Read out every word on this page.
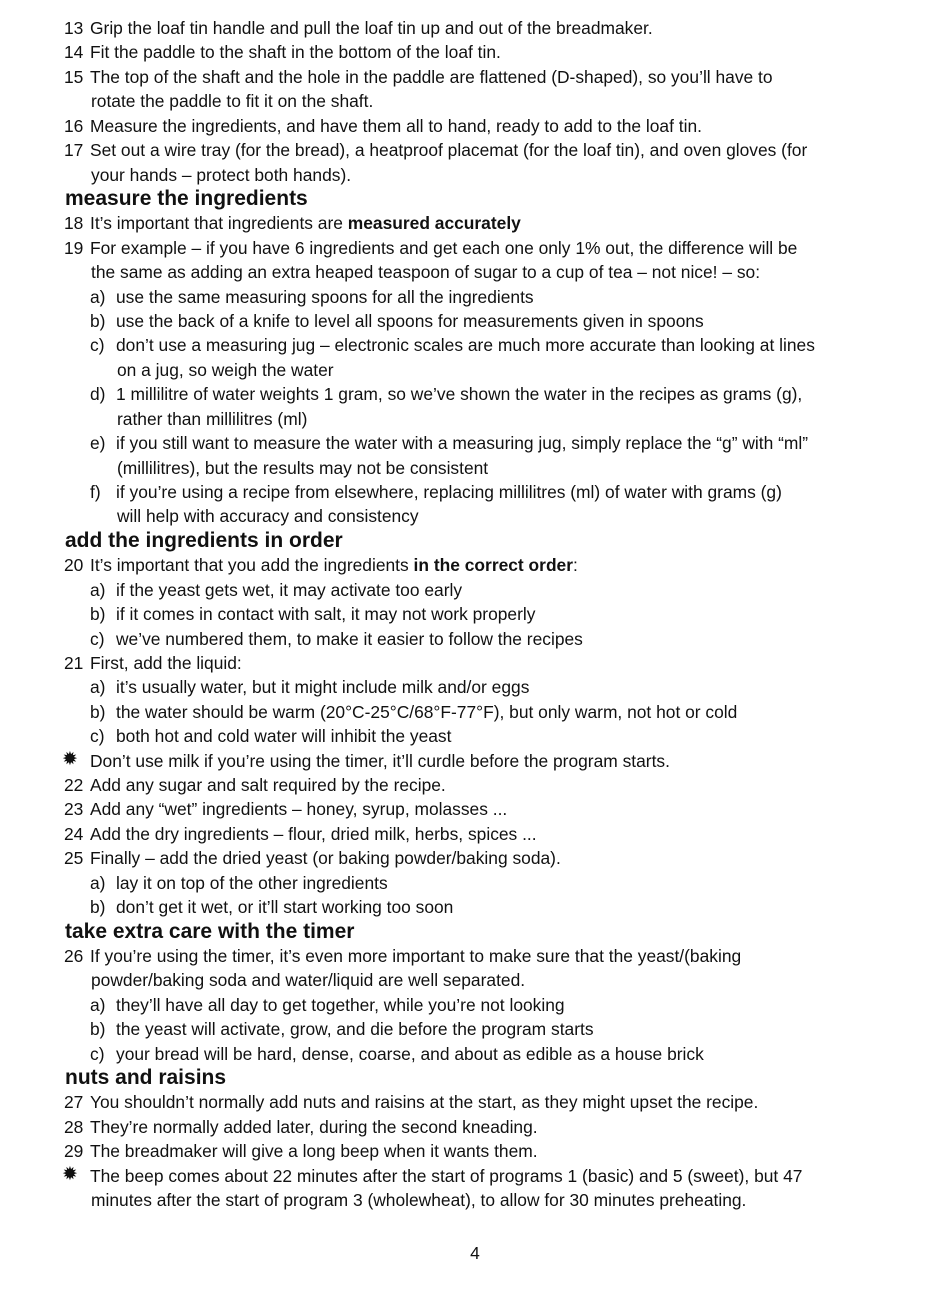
13 Grip the loaf tin handle and pull the loaf tin up and out of the breadmaker.
14 Fit the paddle to the shaft in the bottom of the loaf tin.
15 The top of the shaft and the hole in the paddle are flattened (D-shaped), so you’ll have to
rotate the paddle to fit it on the shaft.
16 Measure the ingredients, and have them all to hand, ready to add to the loaf tin.
17 Set out a wire tray (for the bread), a heatproof placemat (for the loaf tin), and oven gloves (for
your hands – protect both hands).
measure the ingredients
18 It’s important that ingredients are measured accurately
19 For example – if you have 6 ingredients and get each one only 1% out, the difference will be
the same as adding an extra heaped teaspoon of sugar to a cup of tea – not nice! – so:
a) use the same measuring spoons for all the ingredients
b) use the back of a knife to level all spoons for measurements given in spoons
c) don’t use a measuring jug – electronic scales are much more accurate than looking at lines
on a jug, so weigh the water
d) 1 millilitre of water weights 1 gram, so we’ve shown the water in the recipes as grams (g),
rather than millilitres (ml)
e) if you still want to measure the water with a measuring jug, simply replace the “g” with “ml”
(millilitres), but the results may not be consistent
f) if you’re using a recipe from elsewhere, replacing millilitres (ml) of water with grams (g)
will help with accuracy and consistency
add the ingredients in order
20 It’s important that you add the ingredients in the correct order:
a) if the yeast gets wet, it may activate too early
b) if it comes in contact with salt, it may not work properly
c) we’ve numbered them, to make it easier to follow the recipes
21 First, add the liquid:
a) it’s usually water, but it might include milk and/or eggs
b) the water should be warm (20°C-25°C/68°F-77°F), but only warm, not hot or cold
c) both hot and cold water will inhibit the yeast
✹ Don’t use milk if you’re using the timer, it’ll curdle before the program starts.
22 Add any sugar and salt required by the recipe.
23 Add any “wet” ingredients – honey, syrup, molasses ...
24 Add the dry ingredients – flour, dried milk, herbs, spices ...
25 Finally – add the dried yeast (or baking powder/baking soda).
a) lay it on top of the other ingredients
b) don’t get it wet, or it’ll start working too soon
take extra care with the timer
26 If you’re using the timer, it’s even more important to make sure that the yeast/(baking
powder/baking soda and water/liquid are well separated.
a) they’ll have all day to get together, while you’re not looking
b) the yeast will activate, grow, and die before the program starts
c) your bread will be hard, dense, coarse, and about as edible as a house brick
nuts and raisins
27 You shouldn’t normally add nuts and raisins at the start, as they might upset the recipe.
28 They’re normally added later, during the second kneading.
29 The breadmaker will give a long beep when it wants them.
✹ The beep comes about 22 minutes after the start of programs 1 (basic) and 5 (sweet), but 47
minutes after the start of program 3 (wholewheat), to allow for 30 minutes preheating.
4
